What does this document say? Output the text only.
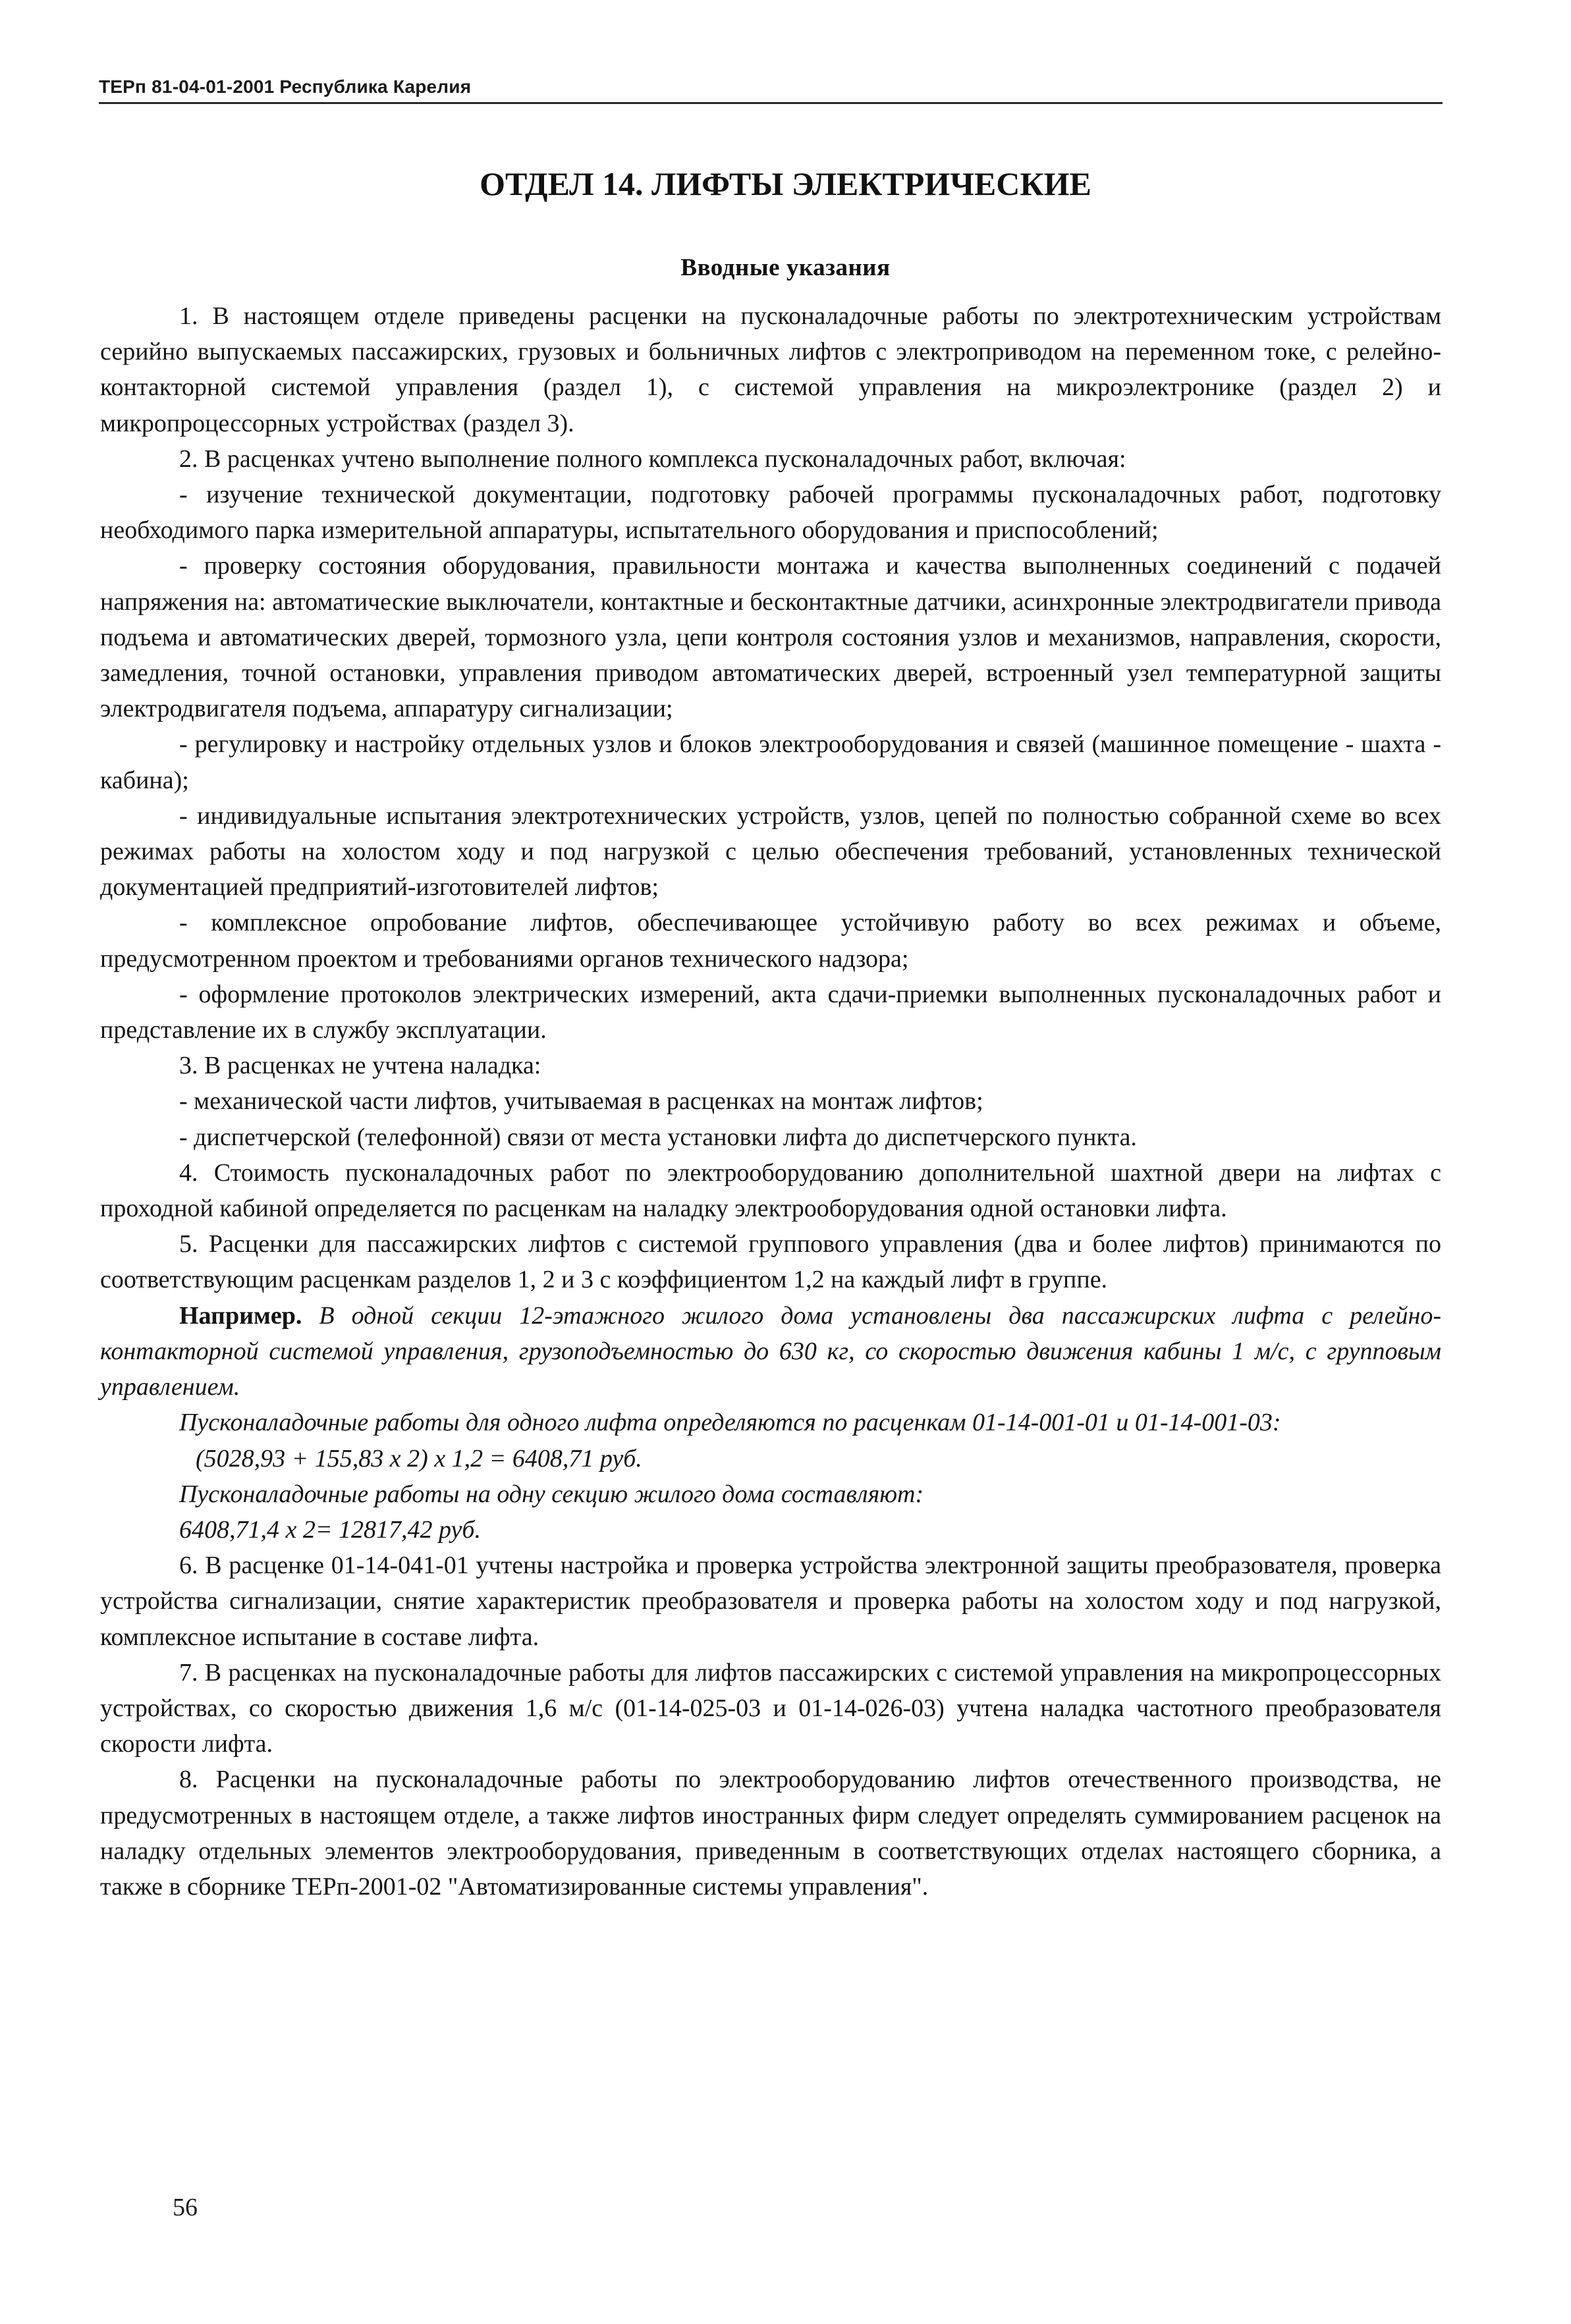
ТЕРп 81-04-01-2001 Республика Карелия
ОТДЕЛ 14. ЛИФТЫ ЭЛЕКТРИЧЕСКИЕ
Вводные указания

1. В настоящем отделе приведены расценки на пусконаладочные работы по электротехническим устройствам серийно выпускаемых пассажирских, грузовых и больничных лифтов с электроприводом на переменном токе, с релейно-контакторной системой управления (раздел 1), с системой управления на микроэлектронике (раздел 2) и микропроцессорных устройствах (раздел 3).

2. В расценках учтено выполнение полного комплекса пусконаладочных работ, включая:

- изучение технической документации, подготовку рабочей программы пусконаладочных работ, подготовку необходимого парка измерительной аппаратуры, испытательного оборудования и приспособлений;

- проверку состояния оборудования, правильности монтажа и качества выполненных соединений с подачей напряжения на: автоматические выключатели, контактные и бесконтактные датчики, асинхронные электродвигатели привода подъема и автоматических дверей, тормозного узла, цепи контроля состояния узлов и механизмов, направления, скорости, замедления, точной остановки, управления приводом автоматических дверей, встроенный узел температурной защиты электродвигателя подъема, аппаратуру сигнализации;

- регулировку и настройку отдельных узлов и блоков электрооборудования и связей (машинное помещение - шахта - кабина);

- индивидуальные испытания электротехнических устройств, узлов, цепей по полностью собранной схеме во всех режимах работы на холостом ходу и под нагрузкой с целью обеспечения требований, установленных технической документацией предприятий-изготовителей лифтов;

- комплексное опробование лифтов, обеспечивающее устойчивую работу во всех режимах и объеме, предусмотренном проектом и требованиями органов технического надзора;

- оформление протоколов электрических измерений, акта сдачи-приемки выполненных пусконаладочных работ и представление их в службу эксплуатации.

3. В расценках не учтена наладка:

- механической части лифтов, учитываемая в расценках на монтаж лифтов;

- диспетчерской (телефонной) связи от места установки лифта до диспетчерского пункта.

4. Стоимость пусконаладочных работ по электрооборудованию дополнительной шахтной двери на лифтах с проходной кабиной определяется по расценкам на наладку электрооборудования одной остановки лифта.

5. Расценки для пассажирских лифтов с системой группового управления (два и более лифтов) принимаются по соответствующим расценкам разделов 1, 2 и 3 с коэффициентом 1,2 на каждый лифт в группе.

Например. В одной секции 12-этажного жилого дома установлены два пассажирских лифта с релейно-контакторной системой управления, грузоподъемностью до 630 кг, со скоростью движения кабины 1 м/с, с групповым управлением.

Пусконаладочные работы для одного лифта определяются по расценкам 01-14-001-01 и 01-14-001-03:

(5028,93 + 155,83 х 2) х 1,2 = 6408,71 руб.

Пусконаладочные работы на одну секцию жилого дома составляют:

6408,71,4 х 2= 12817,42 руб.

6. В расценке 01-14-041-01 учтены настройка и проверка устройства электронной защиты преобразователя, проверка устройства сигнализации, снятие характеристик преобразователя и проверка работы на холостом ходу и под нагрузкой, комплексное испытание в составе лифта.

7. В расценках на пусконаладочные работы для лифтов пассажирских с системой управления на микропроцессорных устройствах, со скоростью движения 1,6 м/с (01-14-025-03 и 01-14-026-03) учтена наладка частотного преобразователя скорости лифта.

8. Расценки на пусконаладочные работы по электрооборудованию лифтов отечественного производства, не предусмотренных в настоящем отделе, а также лифтов иностранных фирм следует определять суммированием расценок на наладку отдельных элементов электрооборудования, приведенным в соответствующих отделах настоящего сборника, а также в сборнике ТЕРп-2001-02 "Автоматизированные системы управления".

56
